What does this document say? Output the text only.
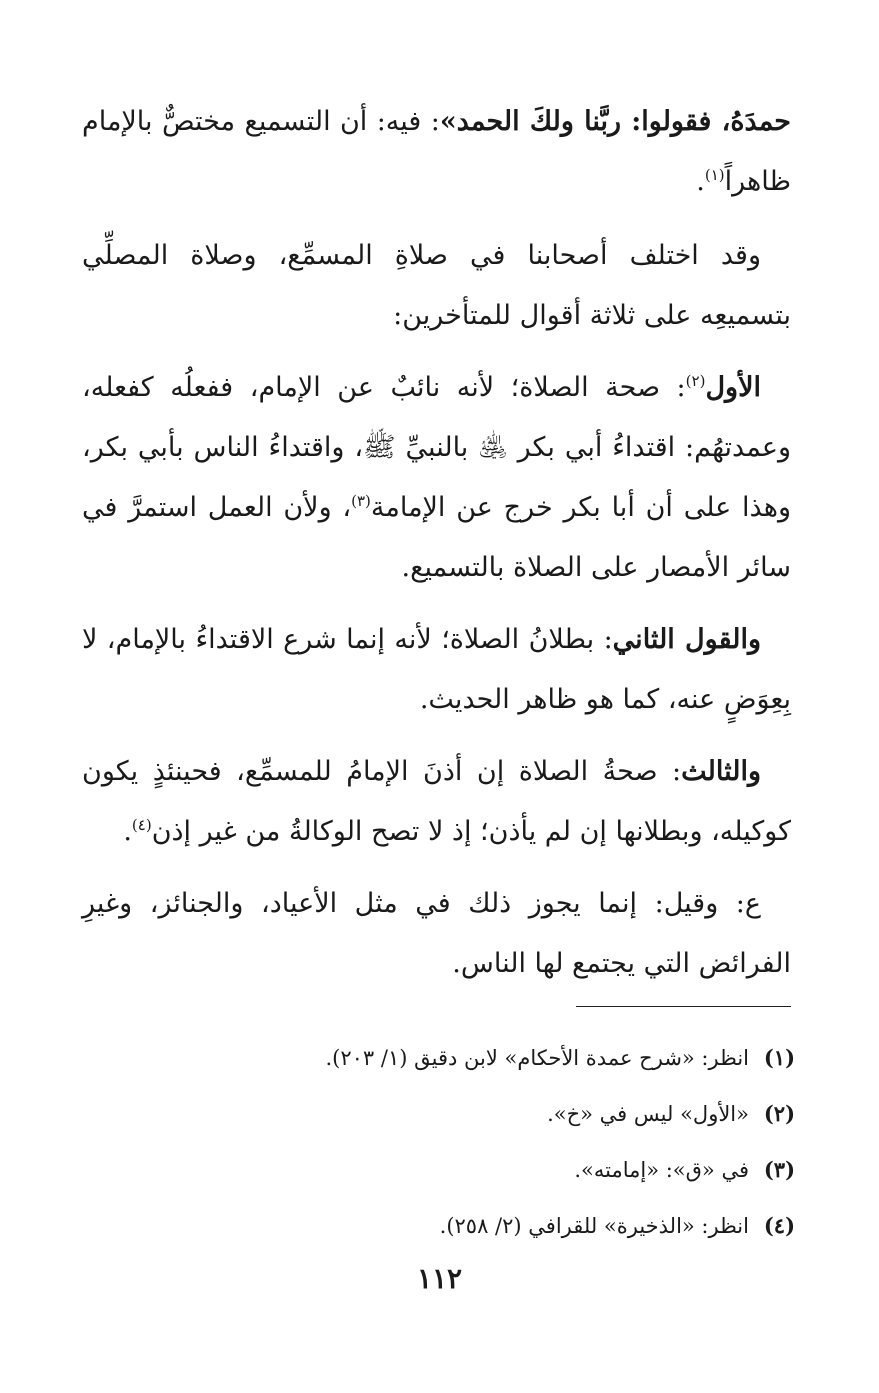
حمدَهُ، فقولوا: ربَّنا ولكَ الحمد»: فيه: أن التسميع مختصٌّ بالإمام ظاهراً$^{(١)}$.

وقد اختلف أصحابنا في صلاةِ المسمِّع، وصلاة المصلِّي بتسميعِه على ثلاثة أقوال للمتأخرين:

الأول$^{(٢)}$: صحة الصلاة؛ لأنه نائبٌ عن الإمام، ففعلُه كفعله، وعمدتهُم: اقتداءُ أبي بكر ﵁ بالنبيِّ ﷺ، واقتداءُ الناس بأبي بكر، وهذا على أن أبا بكر خرج عن الإمامة$^{(٣)}$، ولأن العمل استمرَّ في سائر الأمصار على الصلاة بالتسميع.

والقول الثاني: بطلانُ الصلاة؛ لأنه إنما شرع الاقتداءُ بالإمام، لا بِعِوَضٍ عنه، كما هو ظاهر الحديث.

والثالث: صحةُ الصلاة إن أذنَ الإمامُ للمسمِّع، فحينئذٍ يكون كوكيله، وبطلانها إن لم يأذن؛ إذ لا تصح الوكالةُ من غير إذن$^{(٤)}$.

ع: وقيل: إنما يجوز ذلك في مثل الأعياد، والجنائز، وغيرِ الفرائض التي يجتمع لها الناس.

(١)
انظر: «شرح عمدة الأحكام» لابن دقيق (١/ ٢٠٣).
(٢)
«الأول» ليس في «خ».
(٣)
في «ق»: «إمامته».
(٤)
انظر: «الذخيرة» للقرافي (٢/ ٢٥٨).
١١٢
